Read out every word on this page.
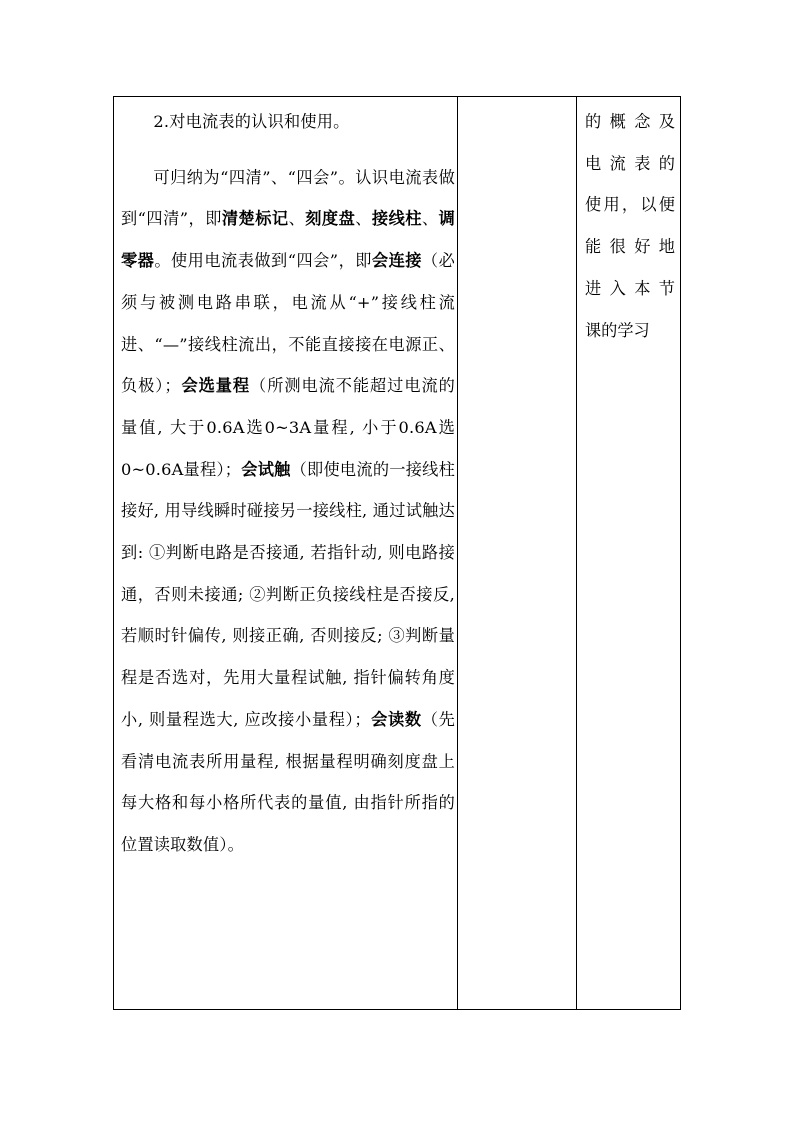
2.对电流表的认识和使用。

可归纳为“四清”、“四会”。认识电流表做到“四清”，即清楚标记、刻度盘、接线柱、调零器。使用电流表做到“四会”，即会连接（必须与被测电路串联，电流从“+”接线柱流进、“—”接线柱流出，不能直接接在电源正、负极）；会选量程（所测电流不能超过电流的量值, 大于0.6A选0~3A量程, 小于0.6A选0~0.6A量程）；会试触（即使电流的一接线柱接好, 用导线瞬时碰接另一接线柱, 通过试触达到: ①判断电路是否接通, 若指针动, 则电路接通，否则未接通; ②判断正负接线柱是否接反, 若顺时针偏传, 则接正确, 否则接反; ③判断量程是否选对，先用大量程试触, 指针偏转角度小, 则量程选大, 应改接小量程）；会读数（先看清电流表所用量程, 根据量程明确刻度盘上每大格和每小格所代表的量值, 由指针所指的位置读取数值）。

的概念及

电流表的

使用，以便

能很好地

进入本节

课的学习
